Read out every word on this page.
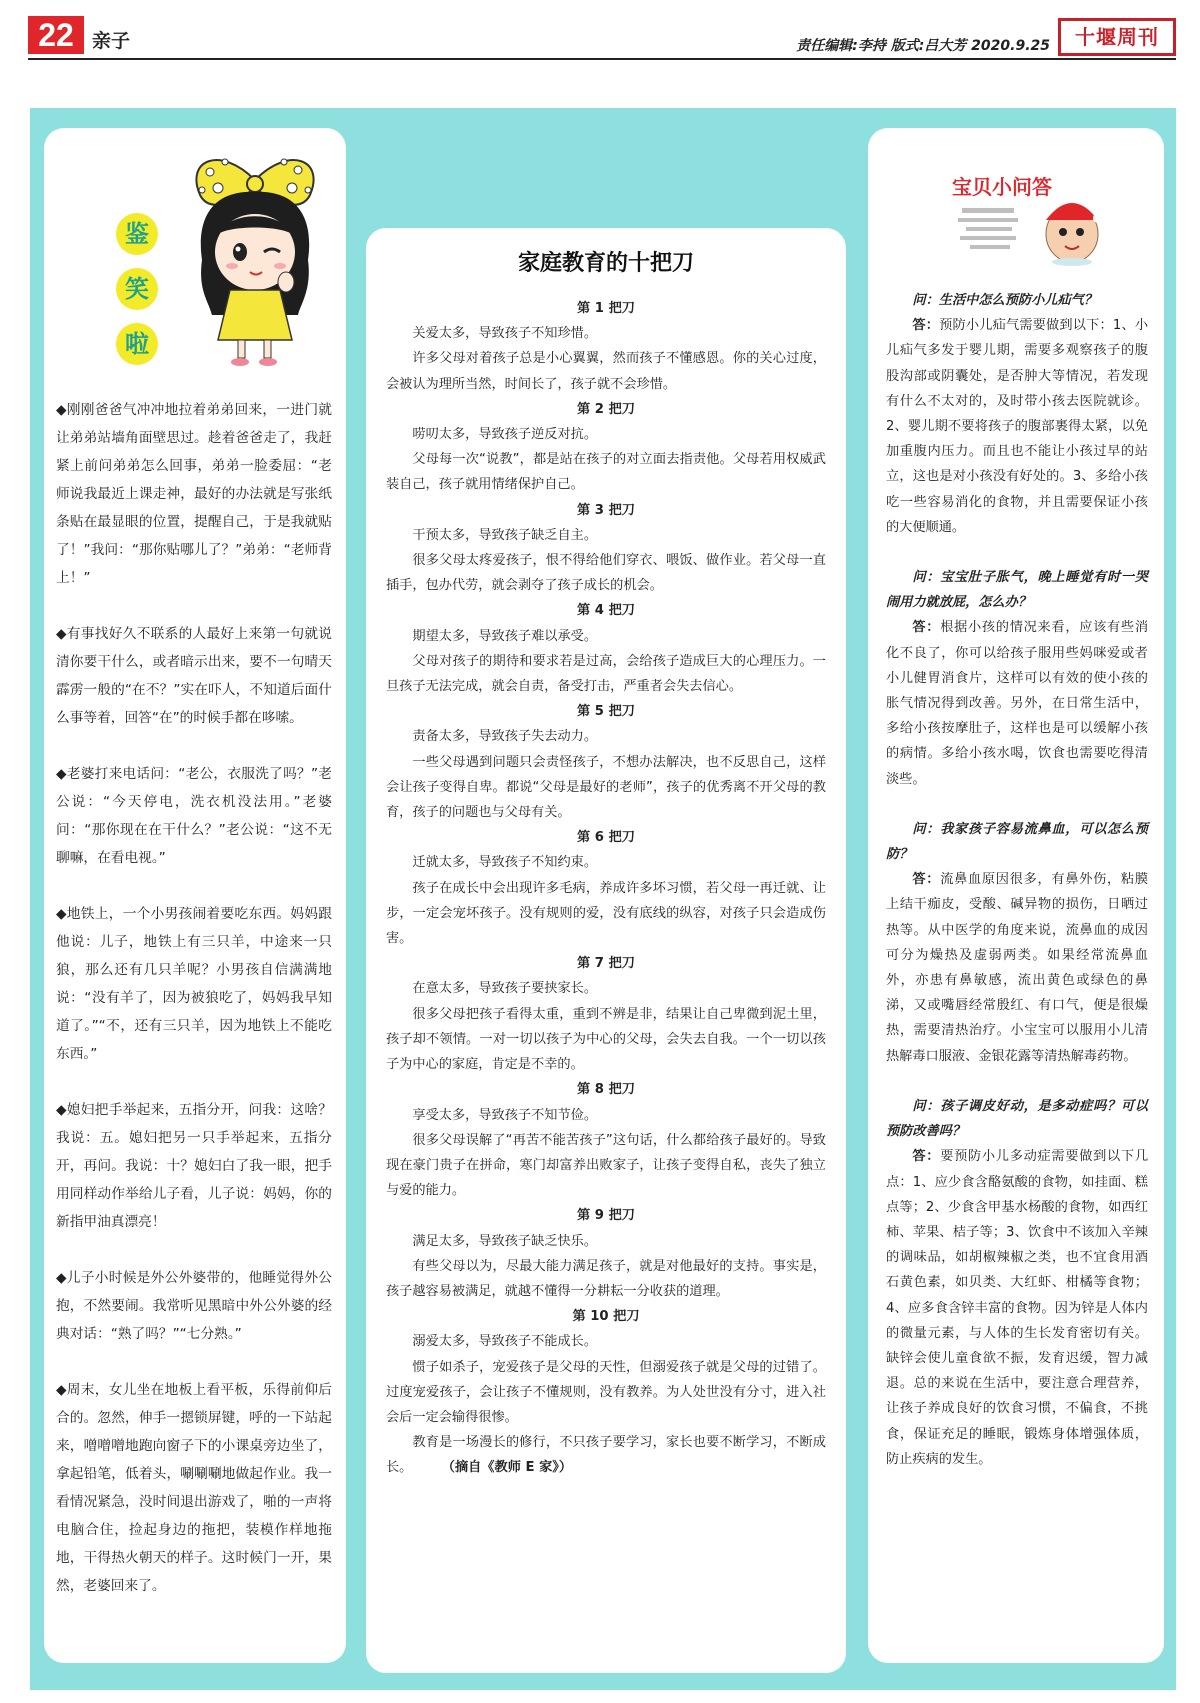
22 亲子	责任编辑:李持 版式:吕大芳 2020.9.25	十堰周刊
鉴
笑
啦

◆刚刚爸爸气冲冲地拉着弟弟回来，一进门就让弟弟站墙角面壁思过。趁着爸爸走了，我赶紧上前问弟弟怎么回事，弟弟一脸委屈：“老师说我最近上课走神，最好的办法就是写张纸条贴在最显眼的位置，提醒自己，于是我就贴了！”我问：“那你贴哪儿了？”弟弟：“老师背上！”

◆有事找好久不联系的人最好上来第一句就说清你要干什么，或者暗示出来，要不一句晴天霹雳一般的“在不？”实在吓人，不知道后面什么事等着，回答“在”的时候手都在哆嗦。

◆老婆打来电话问：“老公，衣服洗了吗？”老公说：“今天停电，洗衣机没法用。”老婆问：“那你现在在干什么？”老公说：“这不无聊嘛，在看电视。”

◆地铁上，一个小男孩闹着要吃东西。妈妈跟他说：儿子，地铁上有三只羊，中途来一只狼，那么还有几只羊呢？小男孩自信满满地说：“没有羊了，因为被狼吃了，妈妈我早知道了。”“不，还有三只羊，因为地铁上不能吃东西。”

◆媳妇把手举起来，五指分开，问我：这啥？我说：五。媳妇把另一只手举起来，五指分开，再问。我说：十？媳妇白了我一眼，把手用同样动作举给儿子看，儿子说：妈妈，你的新指甲油真漂亮！

◆儿子小时候是外公外婆带的，他睡觉得外公抱，不然要闹。我常听见黑暗中外公外婆的经典对话：“熟了吗？”“七分熟。”

◆周末，女儿坐在地板上看平板，乐得前仰后合的。忽然，伸手一摁锁屏键，呼的一下站起来，噌噌噌地跑向窗子下的小课桌旁边坐了，拿起铅笔，低着头，唰唰唰地做起作业。我一看情况紧急，没时间退出游戏了，啪的一声将电脑合住，捡起身边的拖把，装模作样地拖地，干得热火朝天的样子。这时候门一开，果然，老婆回来了。

家庭教育的十把刀
第 1 把刀

关爱太多，导致孩子不知珍惜。

许多父母对着孩子总是小心翼翼，然而孩子不懂感恩。你的关心过度，会被认为理所当然，时间长了，孩子就不会珍惜。

第 2 把刀

唠叨太多，导致孩子逆反对抗。

父母每一次“说教”，都是站在孩子的对立面去指责他。父母若用权威武装自己，孩子就用情绪保护自己。

第 3 把刀

干预太多，导致孩子缺乏自主。

很多父母太疼爱孩子，恨不得给他们穿衣、喂饭、做作业。若父母一直插手，包办代劳，就会剥夺了孩子成长的机会。

第 4 把刀

期望太多，导致孩子难以承受。

父母对孩子的期待和要求若是过高，会给孩子造成巨大的心理压力。一旦孩子无法完成，就会自责，备受打击，严重者会失去信心。

第 5 把刀

责备太多，导致孩子失去动力。

一些父母遇到问题只会责怪孩子，不想办法解决，也不反思自己，这样会让孩子变得自卑。都说“父母是最好的老师”，孩子的优秀离不开父母的教育，孩子的问题也与父母有关。

第 6 把刀

迁就太多，导致孩子不知约束。

孩子在成长中会出现许多毛病，养成许多坏习惯，若父母一再迁就、让步，一定会宠坏孩子。没有规则的爱，没有底线的纵容，对孩子只会造成伤害。

第 7 把刀

在意太多，导致孩子要挟家长。

很多父母把孩子看得太重，重到不辨是非，结果让自己卑微到泥土里，孩子却不领情。一对一切以孩子为中心的父母，会失去自我。一个一切以孩子为中心的家庭，肯定是不幸的。

第 8 把刀

享受太多，导致孩子不知节俭。

很多父母误解了“再苦不能苦孩子”这句话，什么都给孩子最好的。导致现在豪门贵子在拼命，寒门却富养出败家子，让孩子变得自私，丧失了独立与爱的能力。

第 9 把刀

满足太多，导致孩子缺乏快乐。

有些父母以为，尽最大能力满足孩子，就是对他最好的支持。事实是，孩子越容易被满足，就越不懂得一分耕耘一分收获的道理。

第 10 把刀

溺爱太多，导致孩子不能成长。

惯子如杀子，宠爱孩子是父母的天性，但溺爱孩子就是父母的过错了。过度宠爱孩子，会让孩子不懂规则，没有教养。为人处世没有分寸，进入社会后一定会输得很惨。

教育是一场漫长的修行，不只孩子要学习，家长也要不断学习，不断成长。	（摘自《教师 E 家》）

宝贝小问答

问：生活中怎么预防小儿疝气？

答：预防小儿疝气需要做到以下：1、小儿疝气多发于婴儿期，需要多观察孩子的腹股沟部或阴囊处，是否肿大等情况，若发现有什么不太对的，及时带小孩去医院就诊。2、婴儿期不要将孩子的腹部裹得太紧，以免加重腹内压力。而且也不能让小孩过早的站立，这也是对小孩没有好处的。3、多给小孩吃一些容易消化的食物，并且需要保证小孩的大便顺通。

问：宝宝肚子胀气，晚上睡觉有时一哭闹用力就放屁，怎么办？

答：根据小孩的情况来看，应该有些消化不良了，你可以给孩子服用些妈咪爱或者小儿健胃消食片，这样可以有效的使小孩的胀气情况得到改善。另外，在日常生活中，多给小孩按摩肚子，这样也是可以缓解小孩的病情。多给小孩水喝，饮食也需要吃得清淡些。

问：我家孩子容易流鼻血，可以怎么预防？

答：流鼻血原因很多，有鼻外伤，粘膜上结干痂皮，受酸、碱异物的损伤，日晒过热等。从中医学的角度来说，流鼻血的成因可分为燥热及虚弱两类。如果经常流鼻血外，亦患有鼻敏感，流出黄色或绿色的鼻涕，又或嘴唇经常殷红、有口气，便是很燥热，需要清热治疗。小宝宝可以服用小儿清热解毒口服液、金银花露等清热解毒药物。

问：孩子调皮好动，是多动症吗？可以预防改善吗？

答：要预防小儿多动症需要做到以下几点：1、应少食含酪氨酸的食物，如挂面、糕点等；2、少食含甲基水杨酸的食物，如西红柿、苹果、桔子等；3、饮食中不该加入辛辣的调味品，如胡椒辣椒之类，也不宜食用酒石黄色素，如贝类、大红虾、柑橘等食物；4、应多食含锌丰富的食物。因为锌是人体内的微量元素，与人体的生长发育密切有关。缺锌会使儿童食欲不振，发育迟缓，智力减退。总的来说在生活中，要注意合理营养，让孩子养成良好的饮食习惯，不偏食，不挑食，保证充足的睡眠，锻炼身体增强体质，防止疾病的发生。
